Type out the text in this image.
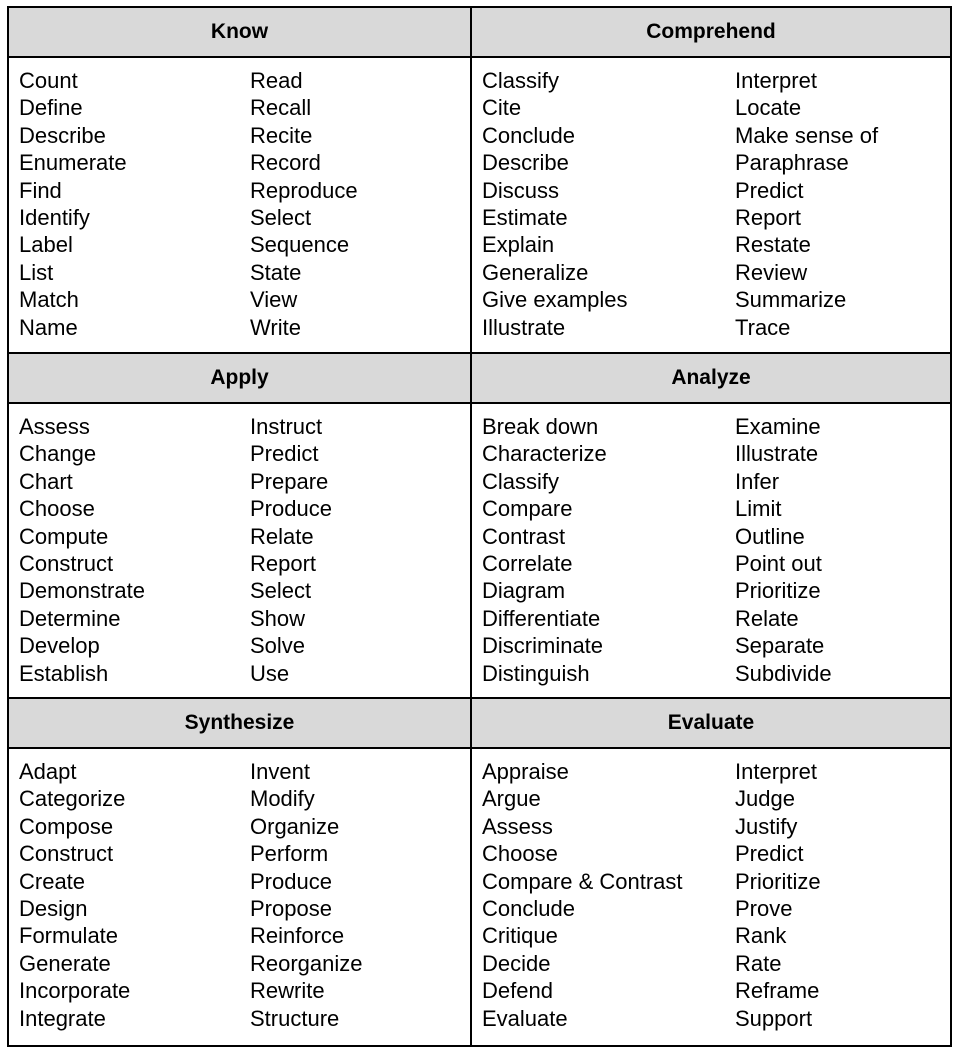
Know
Count
Define
Describe
Enumerate
Find
Identify
Label
List
Match
Name
Read
Recall
Recite
Record
Reproduce
Select
Sequence
State
View
Write
Comprehend
Classify
Cite
Conclude
Describe
Discuss
Estimate
Explain
Generalize
Give examples
Illustrate
Interpret
Locate
Make sense of
Paraphrase
Predict
Report
Restate
Review
Summarize
Trace
Apply
Assess
Change
Chart
Choose
Compute
Construct
Demonstrate
Determine
Develop
Establish
Instruct
Predict
Prepare
Produce
Relate
Report
Select
Show
Solve
Use
Analyze
Break down
Characterize
Classify
Compare
Contrast
Correlate
Diagram
Differentiate
Discriminate
Distinguish
Examine
Illustrate
Infer
Limit
Outline
Point out
Prioritize
Relate
Separate
Subdivide
Synthesize
Adapt
Categorize
Compose
Construct
Create
Design
Formulate
Generate
Incorporate
Integrate
Invent
Modify
Organize
Perform
Produce
Propose
Reinforce
Reorganize
Rewrite
Structure
Evaluate
Appraise
Argue
Assess
Choose
Compare & Contrast
Conclude
Critique
Decide
Defend
Evaluate
Interpret
Judge
Justify
Predict
Prioritize
Prove
Rank
Rate
Reframe
Support
